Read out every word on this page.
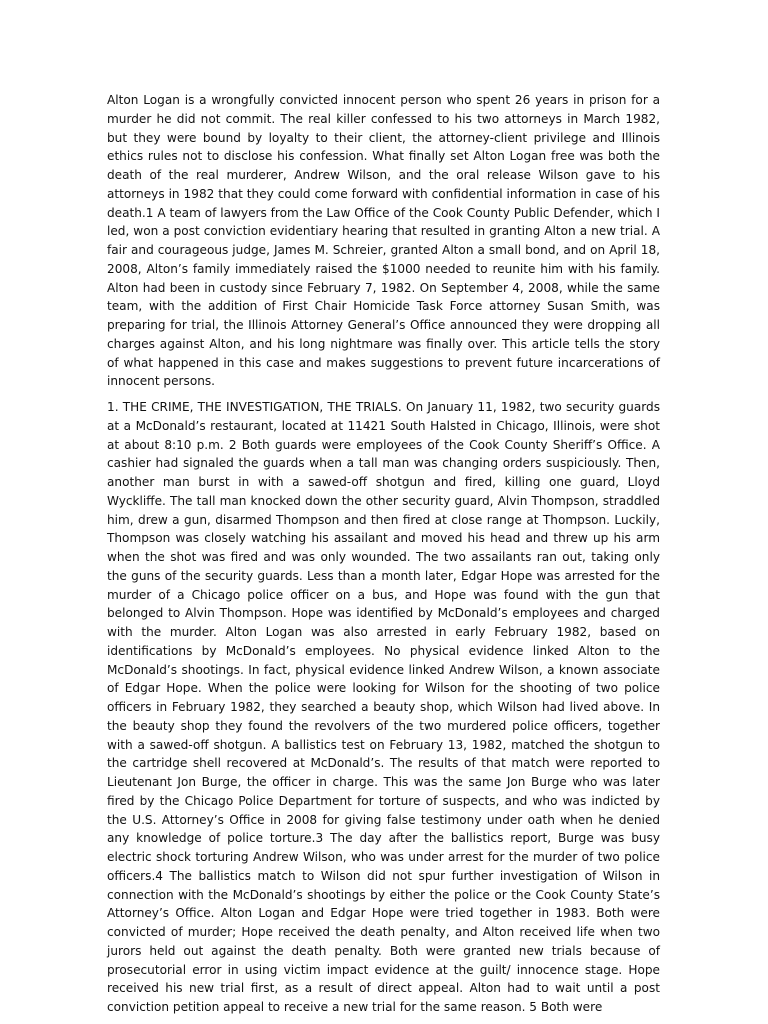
Alton Logan is a wrongfully convicted innocent person who spent 26 years in prison for a murder he did not commit. The real killer confessed to his two attorneys in March 1982, but they were bound by loyalty to their client, the attorney-client privilege and Illinois ethics rules not to disclose his confession. What finally set Alton Logan free was both the death of the real murderer, Andrew Wilson, and the oral release Wilson gave to his attorneys in 1982 that they could come forward with confidential information in case of his death.1 A team of lawyers from the Law Office of the Cook County Public Defender, which I led, won a post conviction evidentiary hearing that resulted in granting Alton a new trial. A fair and courageous judge, James M. Schreier, granted Alton a small bond, and on April 18, 2008, Alton’s family immediately raised the $1000 needed to reunite him with his family. Alton had been in custody since February 7, 1982. On September 4, 2008, while the same team, with the addition of First Chair Homicide Task Force attorney Susan Smith, was preparing for trial, the Illinois Attorney General’s Office announced they were dropping all charges against Alton, and his long nightmare was finally over. This article tells the story of what happened in this case and makes suggestions to prevent future incarcerations of innocent persons.

1. THE CRIME, THE INVESTIGATION, THE TRIALS. On January 11, 1982, two security guards at a McDonald’s restaurant, located at 11421 South Halsted in Chicago, Illinois, were shot at about 8:10 p.m. 2 Both guards were employees of the Cook County Sheriff’s Office. A cashier had signaled the guards when a tall man was changing orders suspiciously. Then, another man burst in with a sawed-off shotgun and fired, killing one guard, Lloyd Wyckliffe. The tall man knocked down the other security guard, Alvin Thompson, straddled him, drew a gun, disarmed Thompson and then fired at close range at Thompson. Luckily, Thompson was closely watching his assailant and moved his head and threw up his arm when the shot was fired and was only wounded. The two assailants ran out, taking only the guns of the security guards. Less than a month later, Edgar Hope was arrested for the murder of a Chicago police officer on a bus, and Hope was found with the gun that belonged to Alvin Thompson. Hope was identified by McDonald’s employees and charged with the murder. Alton Logan was also arrested in early February 1982, based on identifications by McDonald’s employees. No physical evidence linked Alton to the McDonald’s shootings. In fact, physical evidence linked Andrew Wilson, a known associate of Edgar Hope. When the police were looking for Wilson for the shooting of two police officers in February 1982, they searched a beauty shop, which Wilson had lived above. In the beauty shop they found the revolvers of the two murdered police officers, together with a sawed-off shotgun. A ballistics test on February 13, 1982, matched the shotgun to the cartridge shell recovered at McDonald’s. The results of that match were reported to Lieutenant Jon Burge, the officer in charge. This was the same Jon Burge who was later fired by the Chicago Police Department for torture of suspects, and who was indicted by the U.S. Attorney’s Office in 2008 for giving false testimony under oath when he denied any knowledge of police torture.3 The day after the ballistics report, Burge was busy electric shock torturing Andrew Wilson, who was under arrest for the murder of two police officers.4 The ballistics match to Wilson did not spur further investigation of Wilson in connection with the McDonald’s shootings by either the police or the Cook County State’s Attorney’s Office. Alton Logan and Edgar Hope were tried together in 1983. Both were convicted of murder; Hope received the death penalty, and Alton received life when two jurors held out against the death penalty. Both were granted new trials because of prosecutorial error in using victim impact evidence at the guilt/ innocence stage. Hope received his new trial first, as a result of direct appeal. Alton had to wait until a post conviction petition appeal to receive a new trial for the same reason. 5 Both were
